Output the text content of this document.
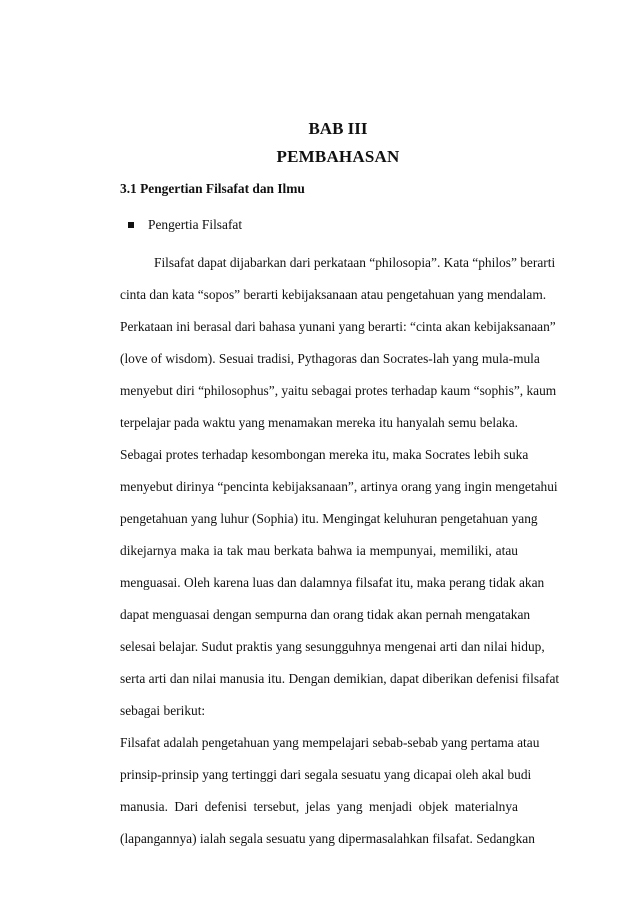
BAB III
PEMBAHASAN
3.1 Pengertian Filsafat dan Ilmu
Pengertia Filsafat
Filsafat dapat dijabarkan dari perkataan “philosopia”. Kata “philos” berarti
cinta dan kata “sopos” berarti kebijaksanaan atau pengetahuan yang mendalam.
Perkataan ini berasal dari bahasa yunani yang berarti: “cinta akan kebijaksanaan”
(love of wisdom). Sesuai tradisi, Pythagoras dan Socrates-lah yang mula-mula
menyebut diri “philosophus”, yaitu sebagai protes terhadap kaum “sophis”, kaum
terpelajar pada waktu yang menamakan mereka itu hanyalah semu belaka.
Sebagai protes terhadap kesombongan mereka itu, maka Socrates lebih suka
menyebut dirinya “pencinta kebijaksanaan”, artinya orang yang ingin mengetahui
pengetahuan yang luhur (Sophia) itu. Mengingat keluhuran pengetahuan yang
dikejarnya maka ia tak mau berkata bahwa ia mempunyai, memiliki, atau
menguasai. Oleh karena luas dan dalamnya filsafat itu, maka perang tidak akan
dapat menguasai dengan sempurna dan orang tidak akan pernah mengatakan
selesai belajar. Sudut praktis yang sesungguhnya mengenai arti dan nilai hidup,
serta arti dan nilai manusia itu. Dengan demikian, dapat diberikan defenisi filsafat
sebagai berikut:
Filsafat adalah pengetahuan yang mempelajari sebab-sebab yang pertama atau
prinsip-prinsip yang tertinggi dari segala sesuatu yang dicapai oleh akal budi
manusia. Dari defenisi tersebut, jelas yang menjadi objek materialnya
(lapangannya) ialah segala sesuatu yang dipermasalahkan filsafat. Sedangkan
